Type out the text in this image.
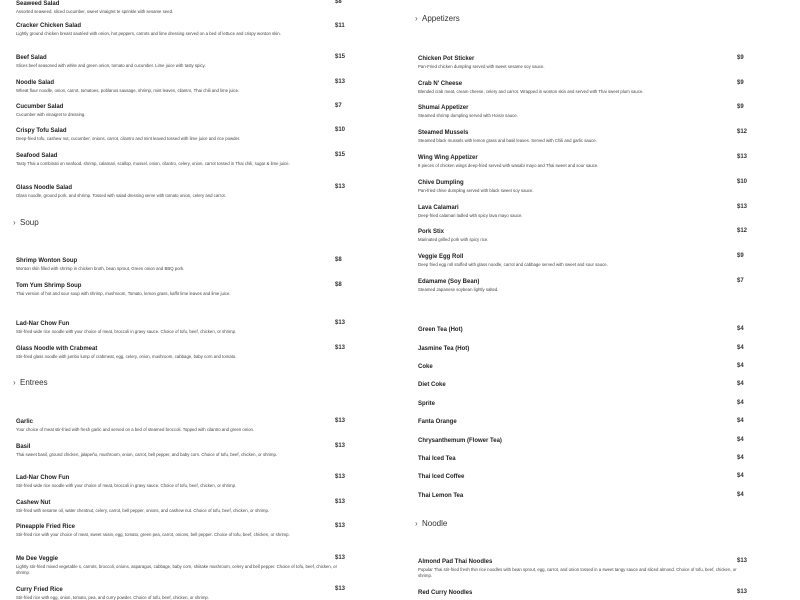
Seaweed Salad
Assorted seaweed, sliced cucumber, sweet vinaigret te sprinkle with sesame seed.
$8
Cracker Chicken Salad
Lightly ground chicken breast sautéed with onion, hot peppers, carrots and lime dressing served on a bed of lettuce and crispy wonton skin.
$11
Beef Salad
Slices beef seasoned with white and green onion, tomato and cucumber. Lime juice with tasty spicy.
$15
Noodle Salad
Wheat flour noodle, onion, carrot, tomatoes, poblanos sausage, shrimp, mint leaves, cilantro, Thai chili and lime juice.
$13
Cucumber Salad
Cucumber with vinaigret te dressing.
$7
Crispy Tofu Salad
Deep-fried tofu, cashew nut, cucumber, onions, carrot, cilantro and mint leaved tossed with lime juice and rice powder.
$10
Seafood Salad
Tasty Thai a combinati on seafood, shrimp, calamari, scallop, mussel, onion, cilantro, celery, onion, carrot tossed in Thai chili, sugar & lime juice.
$15
Glass Noodle Salad
Glass noodle, ground pork, and shrimp. Tossed with salad dressing serve with tomato onion, celery and carrot.
$13
› Soup
Shrimp Wonton Soup
Wonton skin filled with shrimp in chicken broth, bean sprout, Green onion and BBQ pork.
$8
Tom Yum Shrimp Soup
Thai version of hot and sour soup with shrimp, mushroom, Tomato, lemon grass, kaffir lime leaves and lime juice.
$8
Lad-Nar Chow Fun
Stir-fried wide rice noodle with your choice of meat, broccoli in gravy sauce. Choice of tofu, beef, chicken, or shrimp.
$13
Glass Noodle with Crabmeat
Stir-fried glass noodle with jumbo lump of crabmeat, egg, celery, onion, mushroom, cabbage, baby corn and tomato.
$13
› Entrees
Garlic
Your choice of meat stir-fried with fresh garlic and served on a bed of steamed broccoli. Topped with cilantro and green onion.
$13
Basil
Thai sweet basil, ground chicken, jalapeño, mushroom, onion, carrot, bell pepper, and baby corn. Choice of tofu, beef, chicken, or shrimp.
$13
Lad-Nar Chow Fun
Stir-fried wide rice noodle with your choice of meat, broccoli in gravy sauce. Choice of tofu, beef, chicken, or shrimp.
$13
Cashew Nut
Stir-fried with sesame oil, water chestnut, celery, carrot, bell pepper, onions, and cashew nut. Choice of tofu, beef, chicken, or shrimp.
$13
Pineapple Fried Rice
Stir-fried rice with your choice of meat, sweet raisin, egg, tomato, green pea, carrot, onions, bell pepper. Choice of tofu, beef, chicken, or shrimp.
$13
Me Dee Veggie
Lightly stir-fried mixed vegetable s, carrots, broccoli, onions, asparagus, cabbage, baby corn, shiitake mushroom, celery and bell pepper. Choice of tofu, beef, chicken, or shrimp.
$13
Curry Fried Rice
Stir-fried rice with egg, onion, tomato, pea, and curry powder. Choice of tofu, beef, chicken, or shrimp.
$13
› Appetizers
Chicken Pot Sticker
Pan-Fried chicken dumpling served with sweet sesame soy sauce.
$9
Crab N' Cheese
Blended crab meat, cream cheese, celery and carrot. Wrapped in wonton skin and served with Thai sweet plum sauce.
$9
Shumai Appetizer
Steamed shrimp dumpling served with Hoisin sauce.
$9
Steamed Mussels
Steamed black mussels with lemon grass and basil leaves. Served with Chili and garlic sauce.
$12
Wing Wing Appetizer
8 pieces of chicken wings deep-fried served with wasabi mayo and Thai sweet and sour sauce.
$13
Chive Dumpling
Pan-fried chive dumpling served with black sweet soy sauce.
$10
Lava Calamari
Deep-fried calamari ladled with spicy lava mayo sauce.
$13
Pork Stix
Marinated grilled pork with spicy rice.
$12
Veggie Egg Roll
Deep fried egg roll stuffed with glass noodle, carrot and cabbage served with sweet and sour sauce.
$9
Edamame (Soy Bean)
Steamed Japanese soybean lightly salted.
$7
Green Tea (Hot)	$4
Jasmine Tea (Hot)	$4
Coke	$4
Diet Coke	$4
Sprite	$4
Fanta Orange	$4
Chrysanthemum (Flower Tea)	$4
Thai Iced Tea	$4
Thai Iced Coffee	$4
Thai Lemon Tea	$4
› Noodle
Almond Pad Thai Noodles
Popular Thai stir-fried fresh thin rice noodles with bean sprout, egg, carrot, and onion tossed in a sweet tangy sauce and sliced almond. Choice of tofu, beef, chicken, or shrimp.
$13
Red Curry Noodles	$13
